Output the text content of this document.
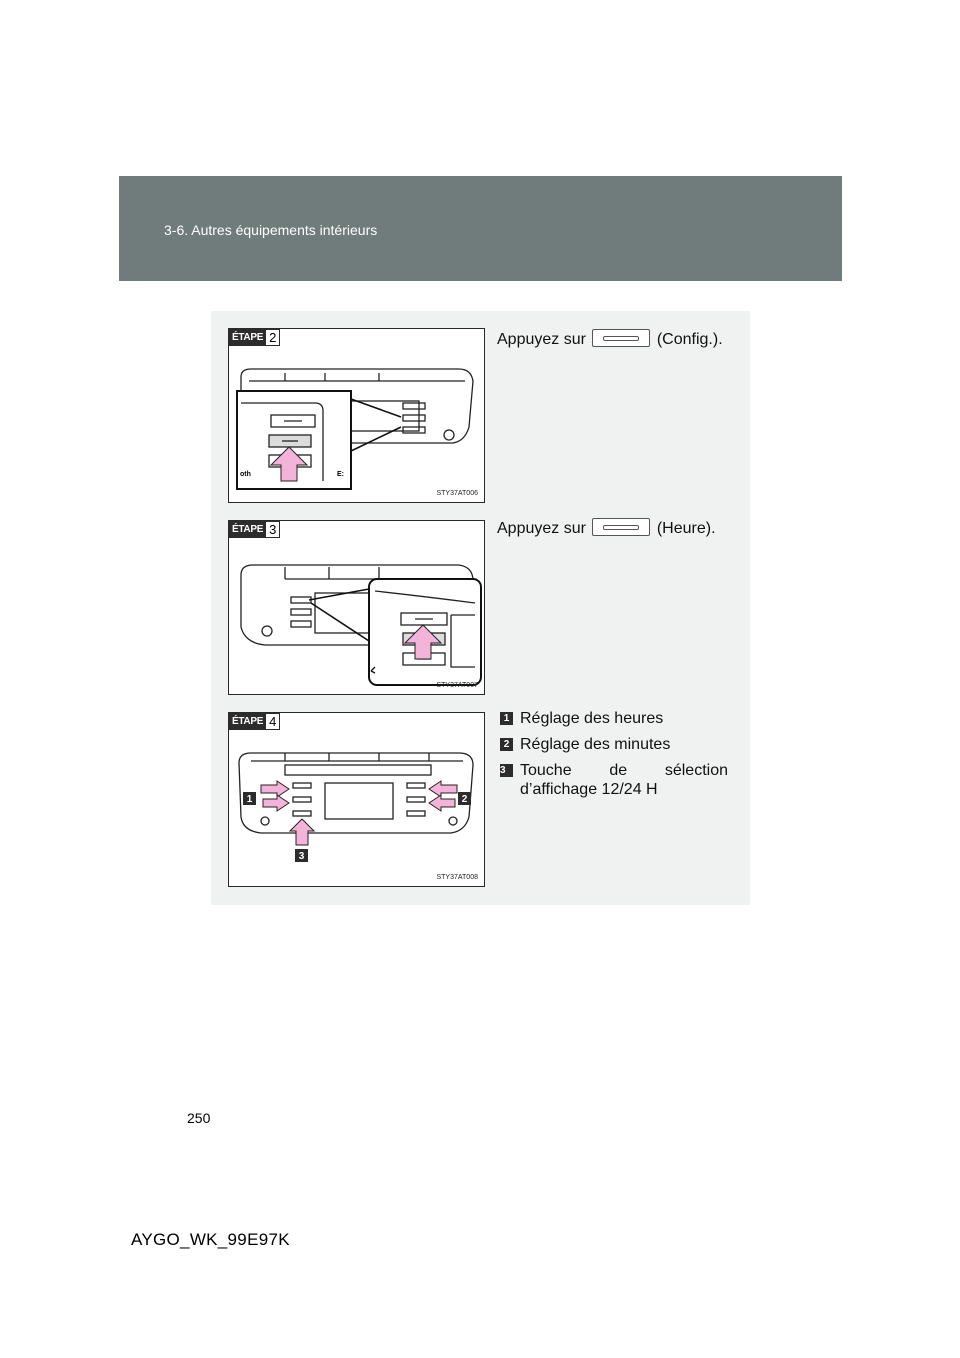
3-6. Autres équipements intérieurs
oth	E:
ÉTAPE 2
STY37AT006
Appuyez sur	(Config.).
ÉTAPE 3
STY37AT007
Appuyez sur	(Heure).
1	2
3
ÉTAPE 4
STY37AT008
1 Réglage des heures
2 Réglage des minutes
3 Touche de sélection
d’affichage 12/24 H
250
AYGO_WK_99E97K
